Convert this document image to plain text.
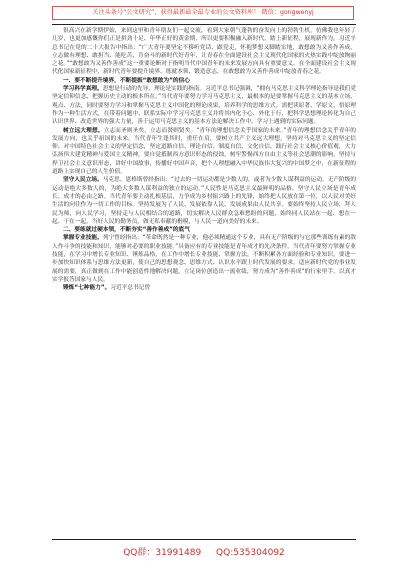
关注头条号“公文研究”，获得最新最全最专业的公文资料库！ 微信：gongwenyj

很高兴在新学期伊始，来到这里和青年朋友们一起交流，看到大家朝气蓬勃的奋发向上的勃勃生机，仿佛我也年轻了几岁，也更加感慨你们正是拼劲十足、年华正好的黄金期，所以更要积极融入新时代，踏上新征程，展现新作为。习近平总书记在党的二十大报告中指出：“广大青年要坚定不移听党话、跟党走，怀抱梦想又脚踏实地，敢想敢为又善作善成，立志做有理想、敢担当、能吃苦、肯奋斗的新时代好青年，让青春在全面建设社会主义现代化国家的火热实践中绽放绚丽之花。”“敢想敢为又善作善成”这一重要论断对于指明当代中国青年的未来发展方向具有重要意义。在全面建设社会主义现代化国家新征程中，新时代青年要提升境界、练就本领、锻造意志，在敢想敢为又善作善成中绽放青春之花。

一、要不断提升境界，不断提振“敢想敢为”的信心

学习科学真理。思想是行动的先导，理论是实践的指南。习近平总书记强调，“拥有马克思主义科学理论指导是我们党坚定信仰信念、把握历史主动的根本所在。”当代青年要努力学习马克思主义，最根本的是要掌握马克思主义的基本立场、观点、方法，同时要努力学习和掌握马克思主义中国化的理论成果，培养科学的思维方式。需把读原著、学原文、悟原理作为一种生活方式，在带着问题中、联系实际中学习马克思主义并将其内化于心、外化于行，把科学思想理论转化为自己认识世界、改造世界的强大力量，善于运用马克思主义的基本方法论解决工作中、学习上遇到的实际问题。

树立远大理想。立志而圣则圣矣，立志而贤则贤矣。“青年的理想信念关乎国家的未来。”青年的理想信念关乎青年的发展方向，也关乎祖国的未来。当代青年生逢其时，重任在肩，要树立共产主义远大理想，坚持对马克思主义的坚定信仰、对中国特色社会主义的坚定信念，坚定道路自信、理论自信、制度自信、文化自信，践行社会主义核心价值观，大力弘扬伟大建党精神与爱国主义精神，要自觉抵制西方意识形态的侵蚀，树牢警惕西方自由主义等社会思潮的影响，坚持与捍卫社会主义意识形态，讲好中国故事，传播好中国声音，把个人理想融入中华民族伟大复兴的中国梦之中，在新征程的道路上实现自己的人生价值。

坚守人民立场。马克思、恩格斯曾经指出：“过去的一切运动都是少数人的，或者为少数人谋利益的运动。无产阶级的运动是绝大多数人的，为绝大多数人谋利益的独立的运动。”人民性是马克思主义最鲜明的品格。坚守人民立场是青年成长、成才的必由之路。当代青年要主动扎根基层，力争成为乡村振兴路上的先锋，始终把人民放在第一位，以人民对美好生活的向往作为一切工作的目标。坚持发展为了人民、发展依靠人民、发展成果由人民共享。要始终坚持人民立场，拜人民为师，向人民学习，坚持走与人民相结合的道路，切实解决人民群众急难愁盼的问题，始终同人民站在一起、想在一起、干在一起，当好人民的勤务员，做无私奉献的楷模，与人民一道向美好的未来。

二、要练就过硬本领，不断夯实“善作善成”的底气

掌握专业技能。列宁曾经指出：“革命既然是一种专业，他必须精通这个专业，具有无产阶级的与它那些训练有素的敌人作斗争的技能和知识，能够对必要的职业技能。”具备应有的专业技能是青年成才的先决条件。当代青年要努力掌握专业技能，在学习中增长专业知识、锤炼品格，在工作中增长专业技能、掌握方法，不断积累各方面经验和专业知识，要进一步加快知识体系与思维方法更新，使自己的思想观念、思维方式、认识水平跟上时代发展的要求，适应新时代党的事业发展的需要，真正做到在工作中能创造性地解决问题，立足岗位创造出一流业绩，努力成为“善作善成”的行家里手，以真才实学报答国家与人民。

锤炼“七种能力”。习近平总书记曾

QQ群：31991489 QQ:535304092
